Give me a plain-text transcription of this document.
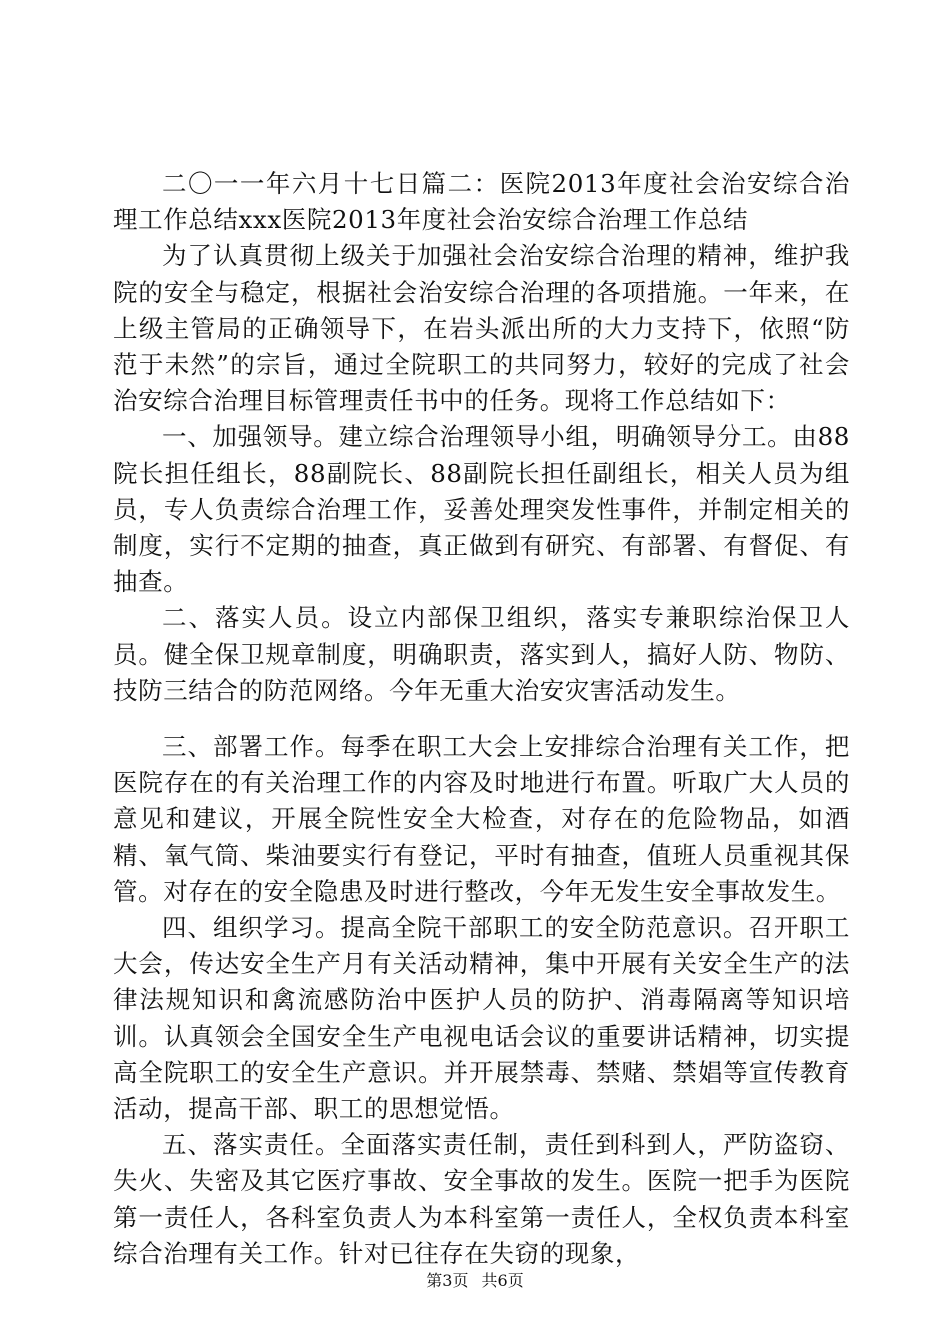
二〇一一年六月十七日篇二：医院2013年度社会治安综合治理工作总结xxx医院2013年度社会治安综合治理工作总结

为了认真贯彻上级关于加强社会治安综合治理的精神，维护我院的安全与稳定，根据社会治安综合治理的各项措施。一年来，在上级主管局的正确领导下，在岩头派出所的大力支持下，依照“防范于未然”的宗旨，通过全院职工的共同努力，较好的完成了社会治安综合治理目标管理责任书中的任务。现将工作总结如下：

一、加强领导。建立综合治理领导小组，明确领导分工。由88院长担任组长，88副院长、88副院长担任副组长，相关人员为组员，专人负责综合治理工作，妥善处理突发性事件，并制定相关的制度，实行不定期的抽查，真正做到有研究、有部署、有督促、有抽查。

二、落实人员。设立内部保卫组织，落实专兼职综治保卫人员。健全保卫规章制度，明确职责，落实到人，搞好人防、物防、技防三结合的防范网络。今年无重大治安灾害活动发生。

三、部署工作。每季在职工大会上安排综合治理有关工作，把医院存在的有关治理工作的内容及时地进行布置。听取广大人员的意见和建议，开展全院性安全大检查，对存在的危险物品，如酒精、氧气筒、柴油要实行有登记，平时有抽查，值班人员重视其保管。对存在的安全隐患及时进行整改，今年无发生安全事故发生。

四、组织学习。提高全院干部职工的安全防范意识。召开职工大会，传达安全生产月有关活动精神，集中开展有关安全生产的法律法规知识和禽流感防治中医护人员的防护、消毒隔离等知识培训。认真领会全国安全生产电视电话会议的重要讲话精神，切实提高全院职工的安全生产意识。并开展禁毒、禁赌、禁娼等宣传教育活动，提高干部、职工的思想觉悟。

五、落实责任。全面落实责任制，责任到科到人，严防盗窃、失火、失密及其它医疗事故、安全事故的发生。医院一把手为医院第一责任人，各科室负责人为本科室第一责任人，全权负责本科室综合治理有关工作。针对已往存在失窃的现象，

第3页 共6页
